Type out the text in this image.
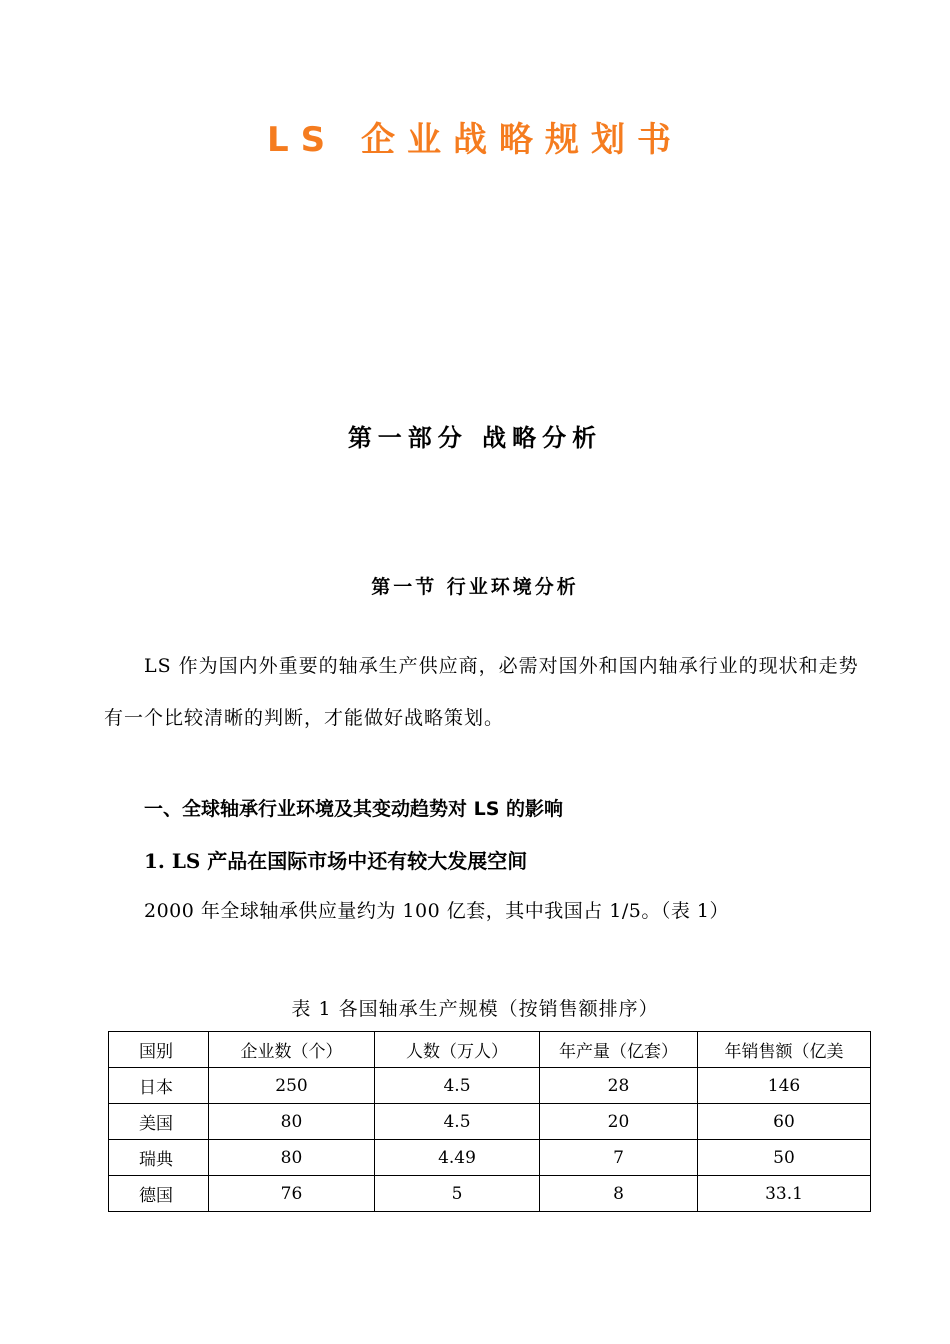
LS 企业战略规划书
第一部分 战略分析
第一节 行业环境分析
LS 作为国内外重要的轴承生产供应商，必需对国外和国内轴承行业的现状和走势有一个比较清晰的判断，才能做好战略策划。
一、全球轴承行业环境及其变动趋势对 LS 的影响
1. LS 产品在国际市场中还有较大发展空间
2000 年全球轴承供应量约为 100 亿套，其中我国占 1/5。（表 1）
表 1 各国轴承生产规模（按销售额排序）
国别	企业数（个）	人数（万人）	年产量（亿套）	年销售额（亿美
日本	250	4.5	28	146
美国	80	4.5	20	60
瑞典	80	4.49	7	50
德国	76	5	8	33.1
